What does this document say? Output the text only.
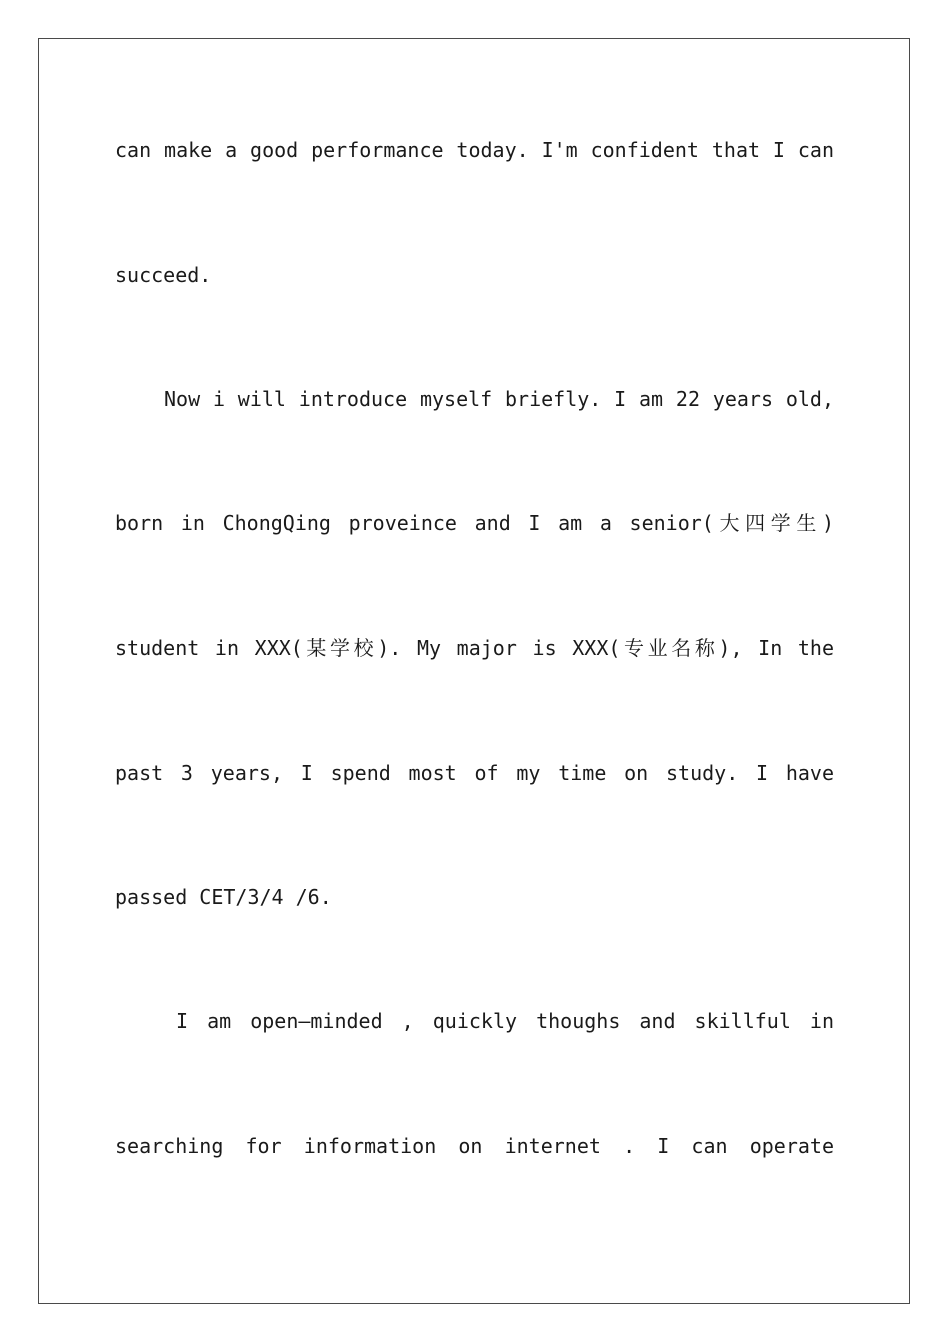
can make a good performance today. I'm confident that I can
succeed.
Now i will introduce myself briefly. I am 22 years old,
born in ChongQing proveince and I am a senior(大四学生)
student in XXX(某学校). My major is XXX(专业名称), In the
past 3 years, I spend most of my time on study. I have
passed CET/3/4 /6.
I am open—minded , quickly thoughs and skillful in
searching for information on internet . I can operate
